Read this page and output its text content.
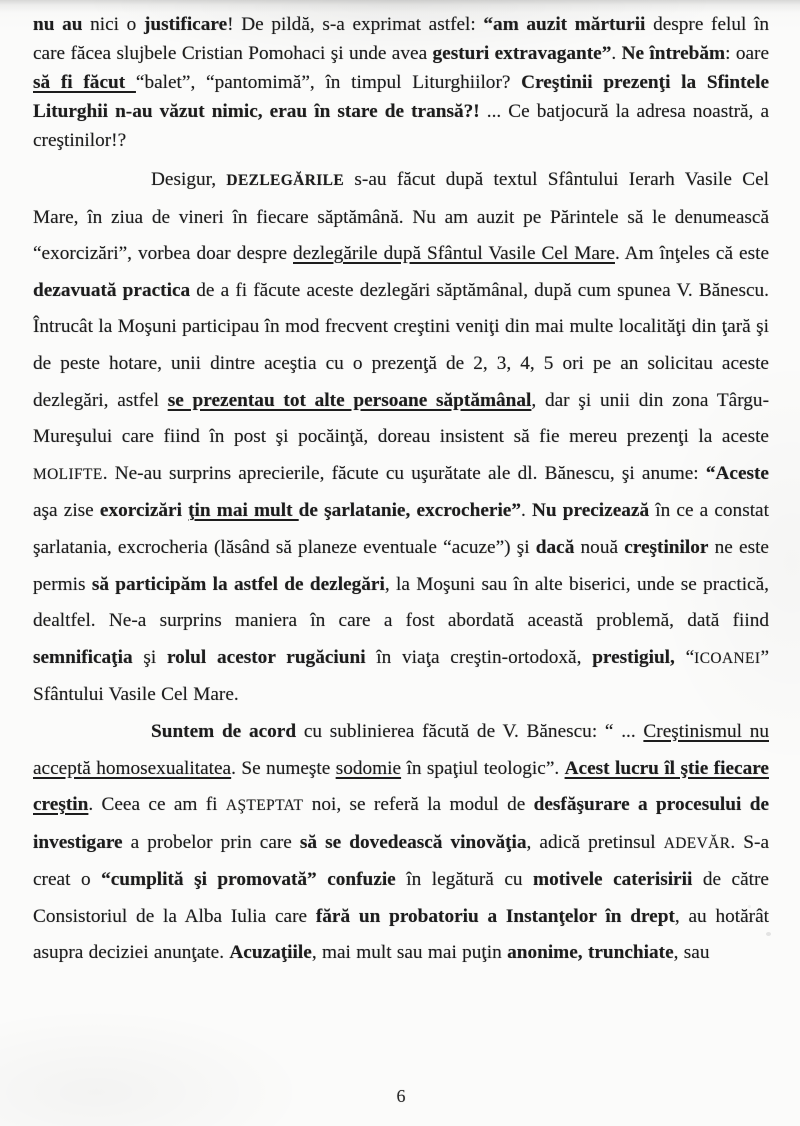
nu au nici o justificare! De pildă, s-a exprimat astfel: “am auzit mărturii despre felul în care făcea slujbele Cristian Pomohaci şi unde avea gesturi extravagante”. Ne întrebăm: oare să fi făcut “balet”, “pantomimă”, în timpul Liturghiilor? Creştinii prezenţi la Sfintele Liturghii n-au văzut nimic, erau în stare de transă?! ... Ce batjocură la adresa noastră, a creştinilor!?

Desigur, DEZLEGĂRILE s-au făcut după textul Sfântului Ierarh Vasile Cel Mare, în ziua de vineri în fiecare săptămână. Nu am auzit pe Părintele să le denumească “exorcizări”, vorbea doar despre dezlegările după Sfântul Vasile Cel Mare. Am înţeles că este dezavuată practica de a fi făcute aceste dezlegări săptămânal, după cum spunea V. Bănescu. Întrucât la Moşuni participau în mod frecvent creştini veniţi din mai multe localităţi din ţară şi de peste hotare, unii dintre aceştia cu o prezenţă de 2, 3, 4, 5 ori pe an solicitau aceste dezlegări, astfel se prezentau tot alte persoane săptămânal, dar şi unii din zona Târgu-Mureşului care fiind în post şi pocăinţă, doreau insistent să fie mereu prezenţi la aceste MOLIFTE. Ne-au surprins aprecierile, făcute cu uşurătate ale dl. Bănescu, şi anume: “Aceste aşa zise exorcizări ţin mai mult de şarlatanie, excrocherie”. Nu precizează în ce a constat şarlatania, excrocheria (lăsând să planeze eventuale “acuze”) şi dacă nouă creştinilor ne este permis să participăm la astfel de dezlegări, la Moşuni sau în alte biserici, unde se practică, dealtfel. Ne-a surprins maniera în care a fost abordată această problemă, dată fiind semnificaţia şi rolul acestor rugăciuni în viaţa creştin-ortodoxă, prestigiul, “ICOANEI” Sfântului Vasile Cel Mare.

Suntem de acord cu sublinierea făcută de V. Bănescu: “ ... Creştinismul nu acceptă homosexualitatea. Se numeşte sodomie în spaţiul teologic”. Acest lucru îl ştie fiecare creştin. Ceea ce am fi AŞTEPTAT noi, se referă la modul de desfăşurare a procesului de investigare a probelor prin care să se dovedească vinovăţia, adică pretinsul ADEVĂR. S-a creat o “cumplită şi promovată” confuzie în legătură cu motivele caterisirii de către Consistoriul de la Alba Iulia care fără un probatoriu a Instanţelor în drept, au hotărât asupra deciziei anunţate. Acuzaţiile, mai mult sau mai puţin anonime, trunchiate, sau

6
